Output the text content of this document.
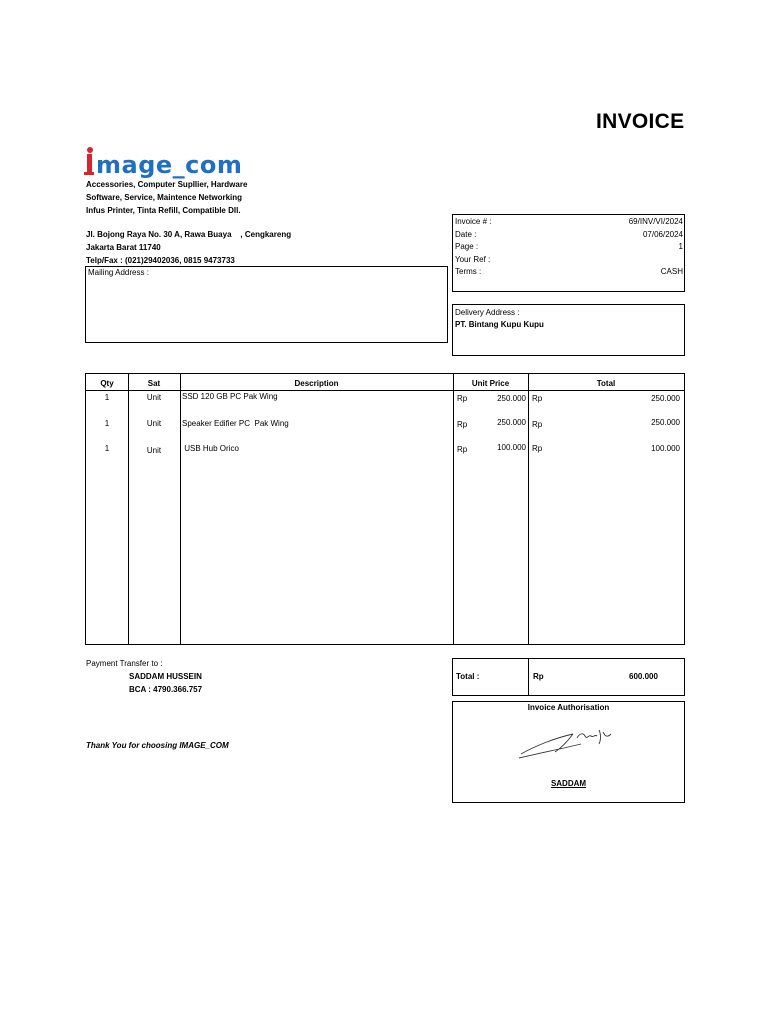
INVOICE
mage_com
Accessories, Computer Supllier, Hardware
Software, Service, Maintence Networking
Infus Printer, Tinta Refill, Compatible Dll.
Jl. Bojong Raya No. 30 A, Rawa Buaya    , Cengkareng
Jakarta Barat 11740
Telp/Fax : (021)29402036, 0815 9473733
Invoice # :	69/INV/VI/2024
Date :	07/06/2024
Page :	1
Your Ref :
Terms :	CASH
Mailing Address :
Delivery Address :
PT. Bintang Kupu Kupu
Qty	Sat	Description	Unit Price	Total
1	Unit	SSD 120 GB PC Pak Wing	Rp	250.000 Rp	250.000
1	Unit	Speaker Edifier PC  Pak Wing	Rp	250.000 Rp	250.000
1	Unit	USB Hub Orico	Rp	100.000 Rp	100.000
Payment Transfer to :
SADDAM HUSSEIN
BCA : 4790.366.757
Thank You for choosing IMAGE_COM
Total :	Rp	600.000
Invoice Authorisation
SADDAM
